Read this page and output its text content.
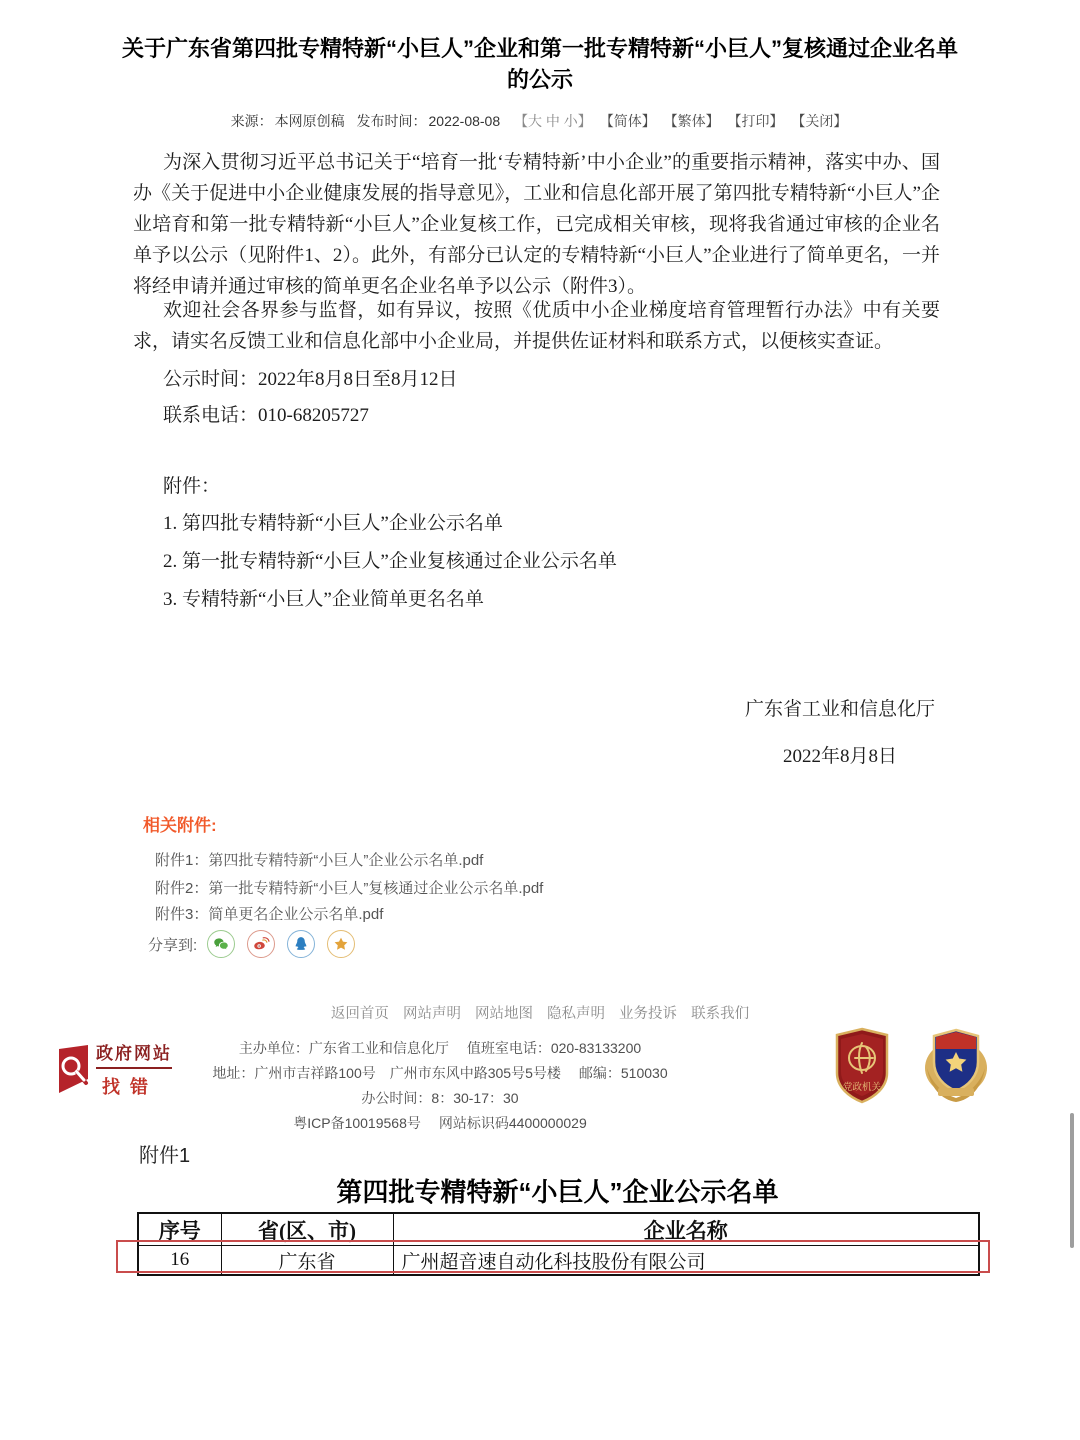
关于广东省第四批专精特新“小巨人”企业和第一批专精特新“小巨人”复核通过企业名单的公示
来源： 本网原创稿 发布时间： 2022-08-08 【大 中 小】 【简体】 【繁体】 【打印】 【关闭】

为深入贯彻习近平总书记关于“培育一批‘专精特新’中小企业”的重要指示精神，落实中办、国办《关于促进中小企业健康发展的指导意见》，工业和信息化部开展了第四批专精特新“小巨人”企业培育和第一批专精特新“小巨人”企业复核工作，已完成相关审核，现将我省通过审核的企业名单予以公示（见附件1、2）。此外，有部分已认定的专精特新“小巨人”企业进行了简单更名，一并将经申请并通过审核的简单更名企业名单予以公示（附件3）。

欢迎社会各界参与监督，如有异议，按照《优质中小企业梯度培育管理暂行办法》中有关要求，请实名反馈工业和信息化部中小企业局，并提供佐证材料和联系方式，以便核实查证。

公示时间：2022年8月8日至8月12日

联系电话：010-68205727

附件：

1. 第四批专精特新“小巨人”企业公示名单

2. 第一批专精特新“小巨人”企业复核通过企业公示名单

3. 专精特新“小巨人”企业简单更名名单

广东省工业和信息化厅
2022年8月8日
相关附件:
附件1：第四批专精特新“小巨人”企业公示名单.pdf
附件2：第一批专精特新“小巨人”复核通过企业公示名单.pdf
附件3：简单更名企业公示名单.pdf
分享到:
返回首页 网站声明 网站地图 隐私声明 业务投诉 联系我们
主办单位：广东省工业和信息化厅 值班室电话：020-83133200
地址：广州市吉祥路100号　广州市东风中路305号5号楼 邮编：510030办公时间：8：30-17：30
粤ICP备10019568号 网站标识码4400000029
政府网站
找错	党政机关
附件1
第四批专精特新“小巨人”企业公示名单
序号	省(区、市)	企业名称
16	广东省	广州超音速自动化科技股份有限公司
